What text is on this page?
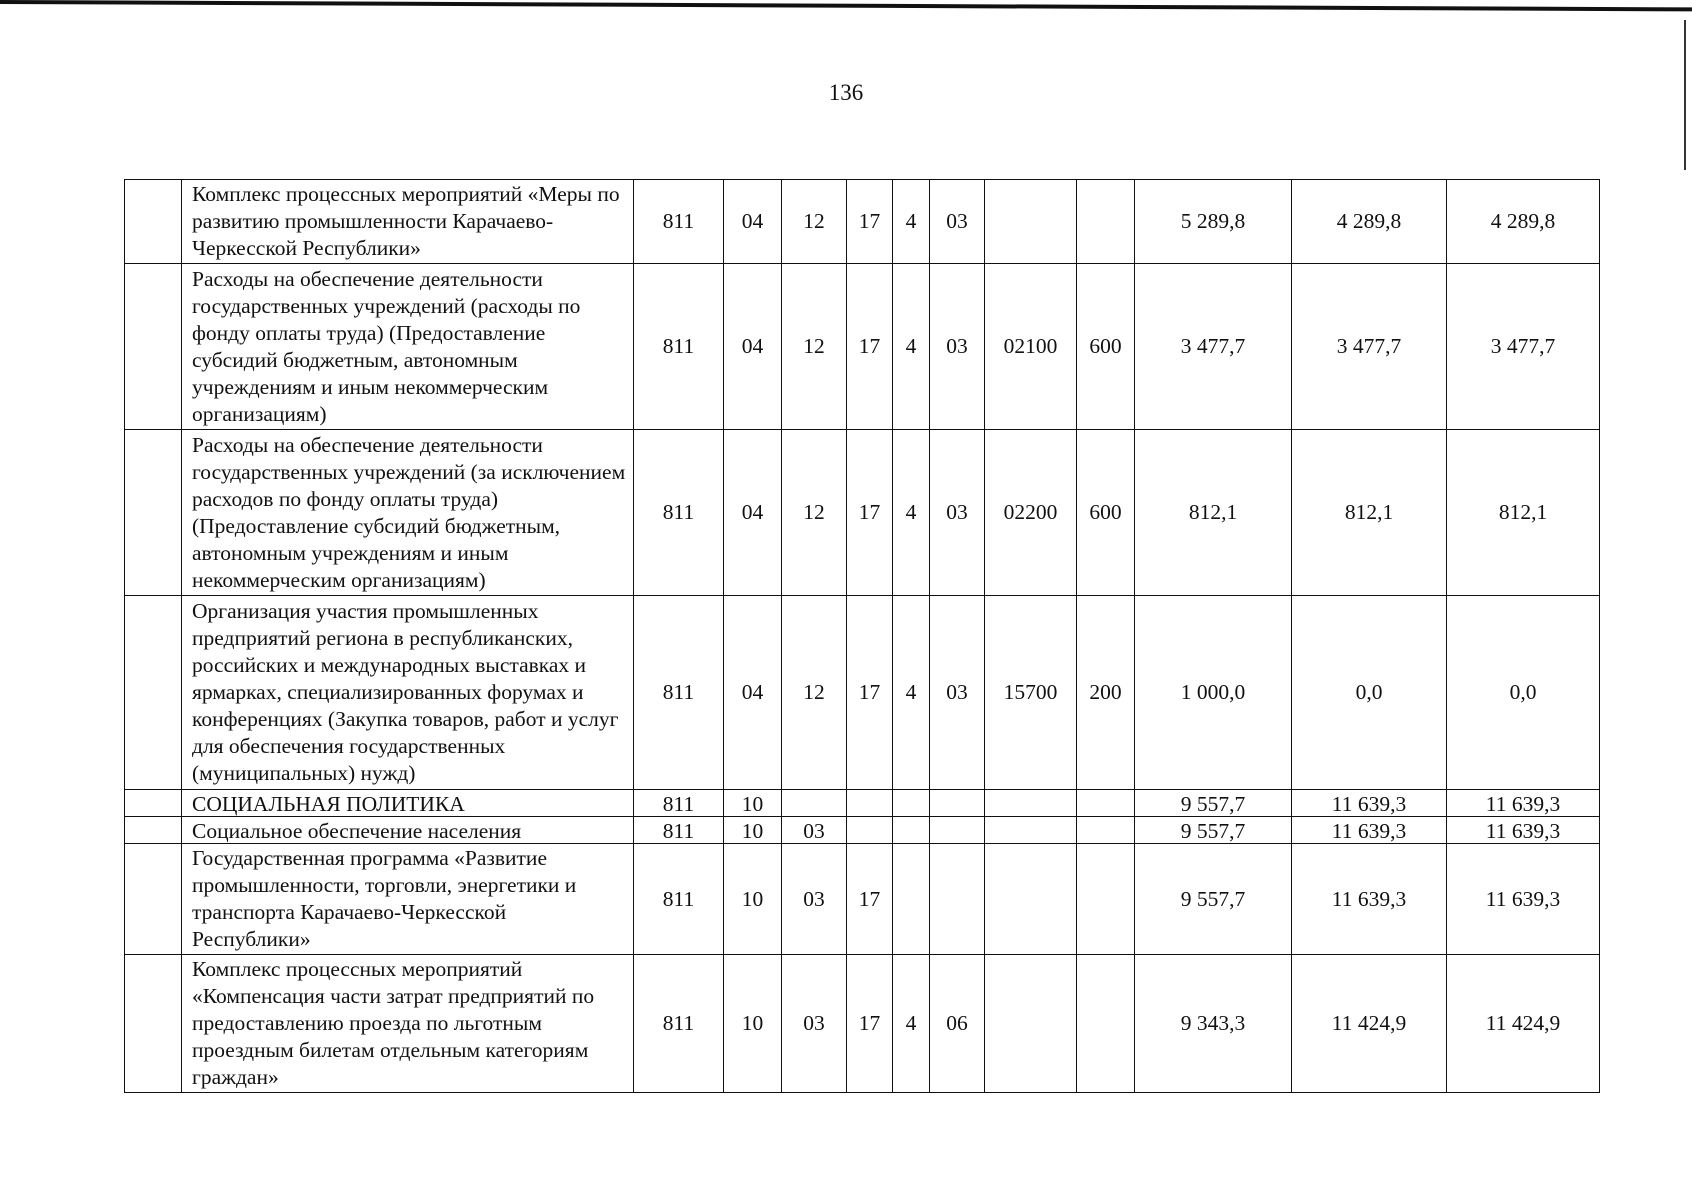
136
	Комплекс процессных мероприятий «Меры по развитию промышленности Карачаево-Черкесской Республики»	811	04	12	17	4	03			5 289,8	4 289,8	4 289,8
	Расходы на обеспечение деятельности государственных учреждений (расходы по фонду оплаты труда) (Предоставление субсидий бюджетным, автономным учреждениям и иным некоммерческим организациям)	811	04	12	17	4	03	02100	600	3 477,7	3 477,7	3 477,7
	Расходы на обеспечение деятельности государственных учреждений (за исключением расходов по фонду оплаты труда) (Предоставление субсидий бюджетным, автономным учреждениям и иным некоммерческим организациям)	811	04	12	17	4	03	02200	600	812,1	812,1	812,1
	Организация участия промышленных предприятий региона в республиканских, российских и международных выставках и ярмарках, специализированных форумах и конференциях (Закупка товаров, работ и услуг для обеспечения государственных (муниципальных) нужд)	811	04	12	17	4	03	15700	200	1 000,0	0,0	0,0
	СОЦИАЛЬНАЯ ПОЛИТИКА	811	10							9 557,7	11 639,3	11 639,3
	Социальное обеспечение населения	811	10	03						9 557,7	11 639,3	11 639,3
	Государственная программа «Развитие промышленности, торговли, энергетики и транспорта Карачаево-Черкесской Республики»	811	10	03	17					9 557,7	11 639,3	11 639,3
	Комплекс процессных мероприятий «Компенсация части затрат предприятий по предоставлению проезда по льготным проездным билетам отдельным категориям граждан»	811	10	03	17	4	06			9 343,3	11 424,9	11 424,9
